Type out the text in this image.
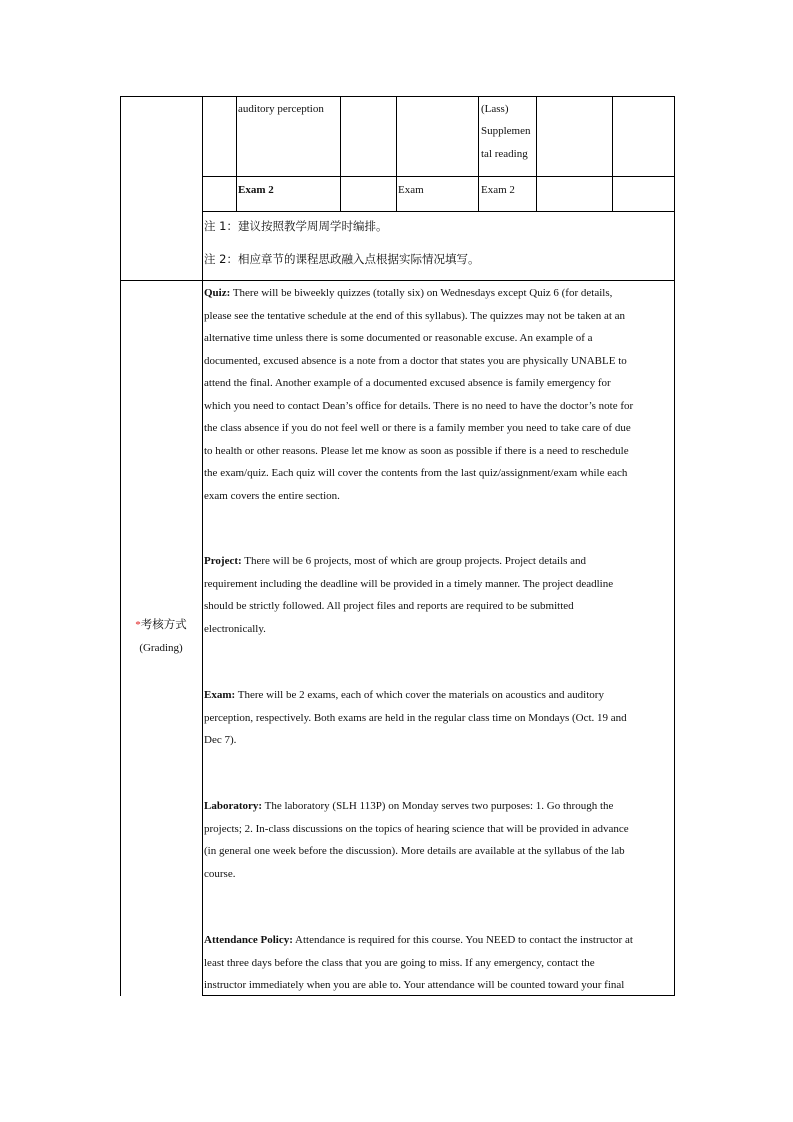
auditory perception	(Lass)
Supplemen
tal reading
Exam 2	Exam	Exam 2
注 1：建议按照教学周周学时编排。
注 2：相应章节的课程思政融入点根据实际情况填写。
*考核方式
(Grading)
Quiz: There will be biweekly quizzes (totally six) on Wednesdays except Quiz 6 (for details,
please see the tentative schedule at the end of this syllabus). The quizzes may not be taken at an
alternative time unless there is some documented or reasonable excuse. An example of a
documented, excused absence is a note from a doctor that states you are physically UNABLE to
attend the final. Another example of a documented excused absence is family emergency for
which you need to contact Dean’s office for details. There is no need to have the doctor’s note for
the class absence if you do not feel well or there is a family member you need to take care of due
to health or other reasons. Please let me know as soon as possible if there is a need to reschedule
the exam/quiz. Each quiz will cover the contents from the last quiz/assignment/exam while each
exam covers the entire section.
Project: There will be 6 projects, most of which are group projects. Project details and
requirement including the deadline will be provided in a timely manner. The project deadline
should be strictly followed. All project files and reports are required to be submitted
electronically.
Exam: There will be 2 exams, each of which cover the materials on acoustics and auditory
perception, respectively. Both exams are held in the regular class time on Mondays (Oct. 19 and
Dec 7).
Laboratory: The laboratory (SLH 113P) on Monday serves two purposes: 1. Go through the
projects; 2. In-class discussions on the topics of hearing science that will be provided in advance
(in general one week before the discussion). More details are available at the syllabus of the lab
course.
Attendance Policy: Attendance is required for this course. You NEED to contact the instructor at
least three days before the class that you are going to miss. If any emergency, contact the
instructor immediately when you are able to. Your attendance will be counted toward your final
